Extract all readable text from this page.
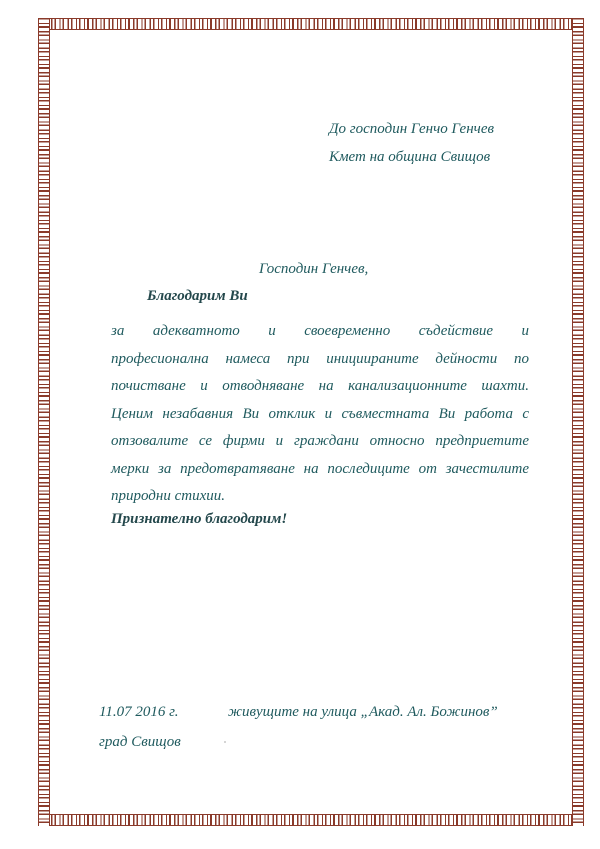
До господин Генчо Генчев
Кмет на община Свищов
Господин Генчев,
Благодарим Ви
за адекватното и своевременно съдействие и
професионална намеса при инициираните дейности по
почистване и отводняване на канализационните шахти.
Ценим незабавния Ви отклик и съвместната Ви работа с
отзовалите се фирми и граждани относно предприетите
мерки за предотвратяване на последиците от зачестилите
природни стихии.
Признателно благодарим!
11.07 2016 г.	живущите на улица „Акад. Ал. Божинов”
град Свищов
